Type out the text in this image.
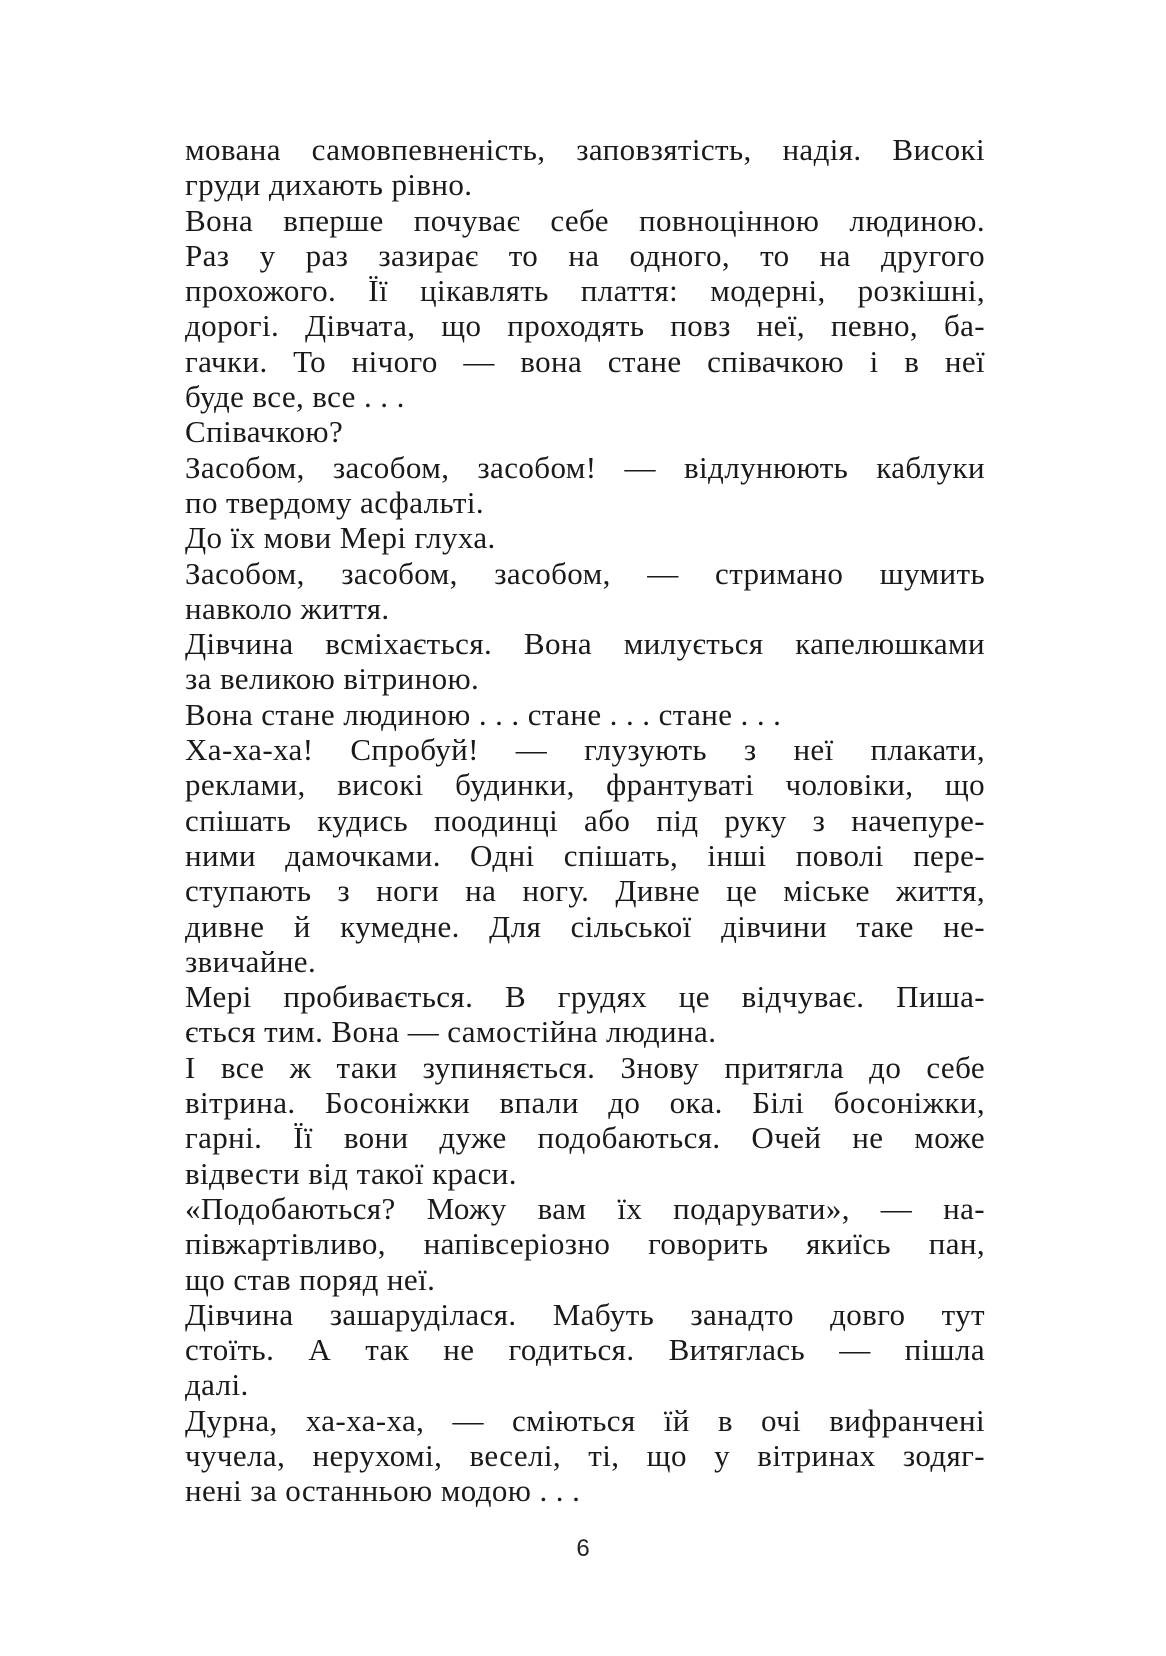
мована самовпевненість, заповзятість, надія. Високі
груди дихають рівно.
Вона вперше почуває себе повноцінною людиною.
Раз у раз зазирає то на одного, то на другого
прохожого. Її цікавлять плаття: модерні, розкішні,
дорогі. Дівчата, що проходять повз неї, певно, ба-
гачки. То нічого — вона стане співачкою і в неї
буде все, все . . .
Співачкою?
Засобом, засобом, засобом! — відлунюють каблуки
по твердому асфальті.
До їх мови Мері глуха.
Засобом, засобом, засобом, — стримано шумить
навколо життя.
Дівчина всміхається. Вона милується капелюшками
за великою вітриною.
Вона стане людиною . . . стане . . . стане . . .
Ха-ха-ха! Спробуй! — глузують з неї плакати,
реклами, високі будинки, франтуваті чоловіки, що
спішать кудись поодинці або під руку з начепуре-
ними дамочками. Одні спішать, інші поволі пере-
ступають з ноги на ногу. Дивне це міське життя,
дивне й кумедне. Для сільської дівчини таке не-
звичайне.
Мері пробивається. В грудях це відчуває. Пиша-
ється тим. Вона — самостійна людина.
І все ж таки зупиняється. Знову притягла до себе
вітрина. Босоніжки впали до ока. Білі босоніжки,
гарні. Її вони дуже подобаються. Очей не може
відвести від такої краси.
«Подобаються? Можу вам їх подарувати», — на-
півжартівливо, напівсеріозно говорить якиїсь пан,
що став поряд неї.
Дівчина зашаруділася. Мабуть занадто довго тут
стоїть. А так не годиться. Витяглась — пішла
далі.
Дурна, ха-ха-ха, — сміються їй в очі вифранчені
чучела, нерухомі, веселі, ті, що у вітринах зодяг-
нені за останньою модою . . .
6
